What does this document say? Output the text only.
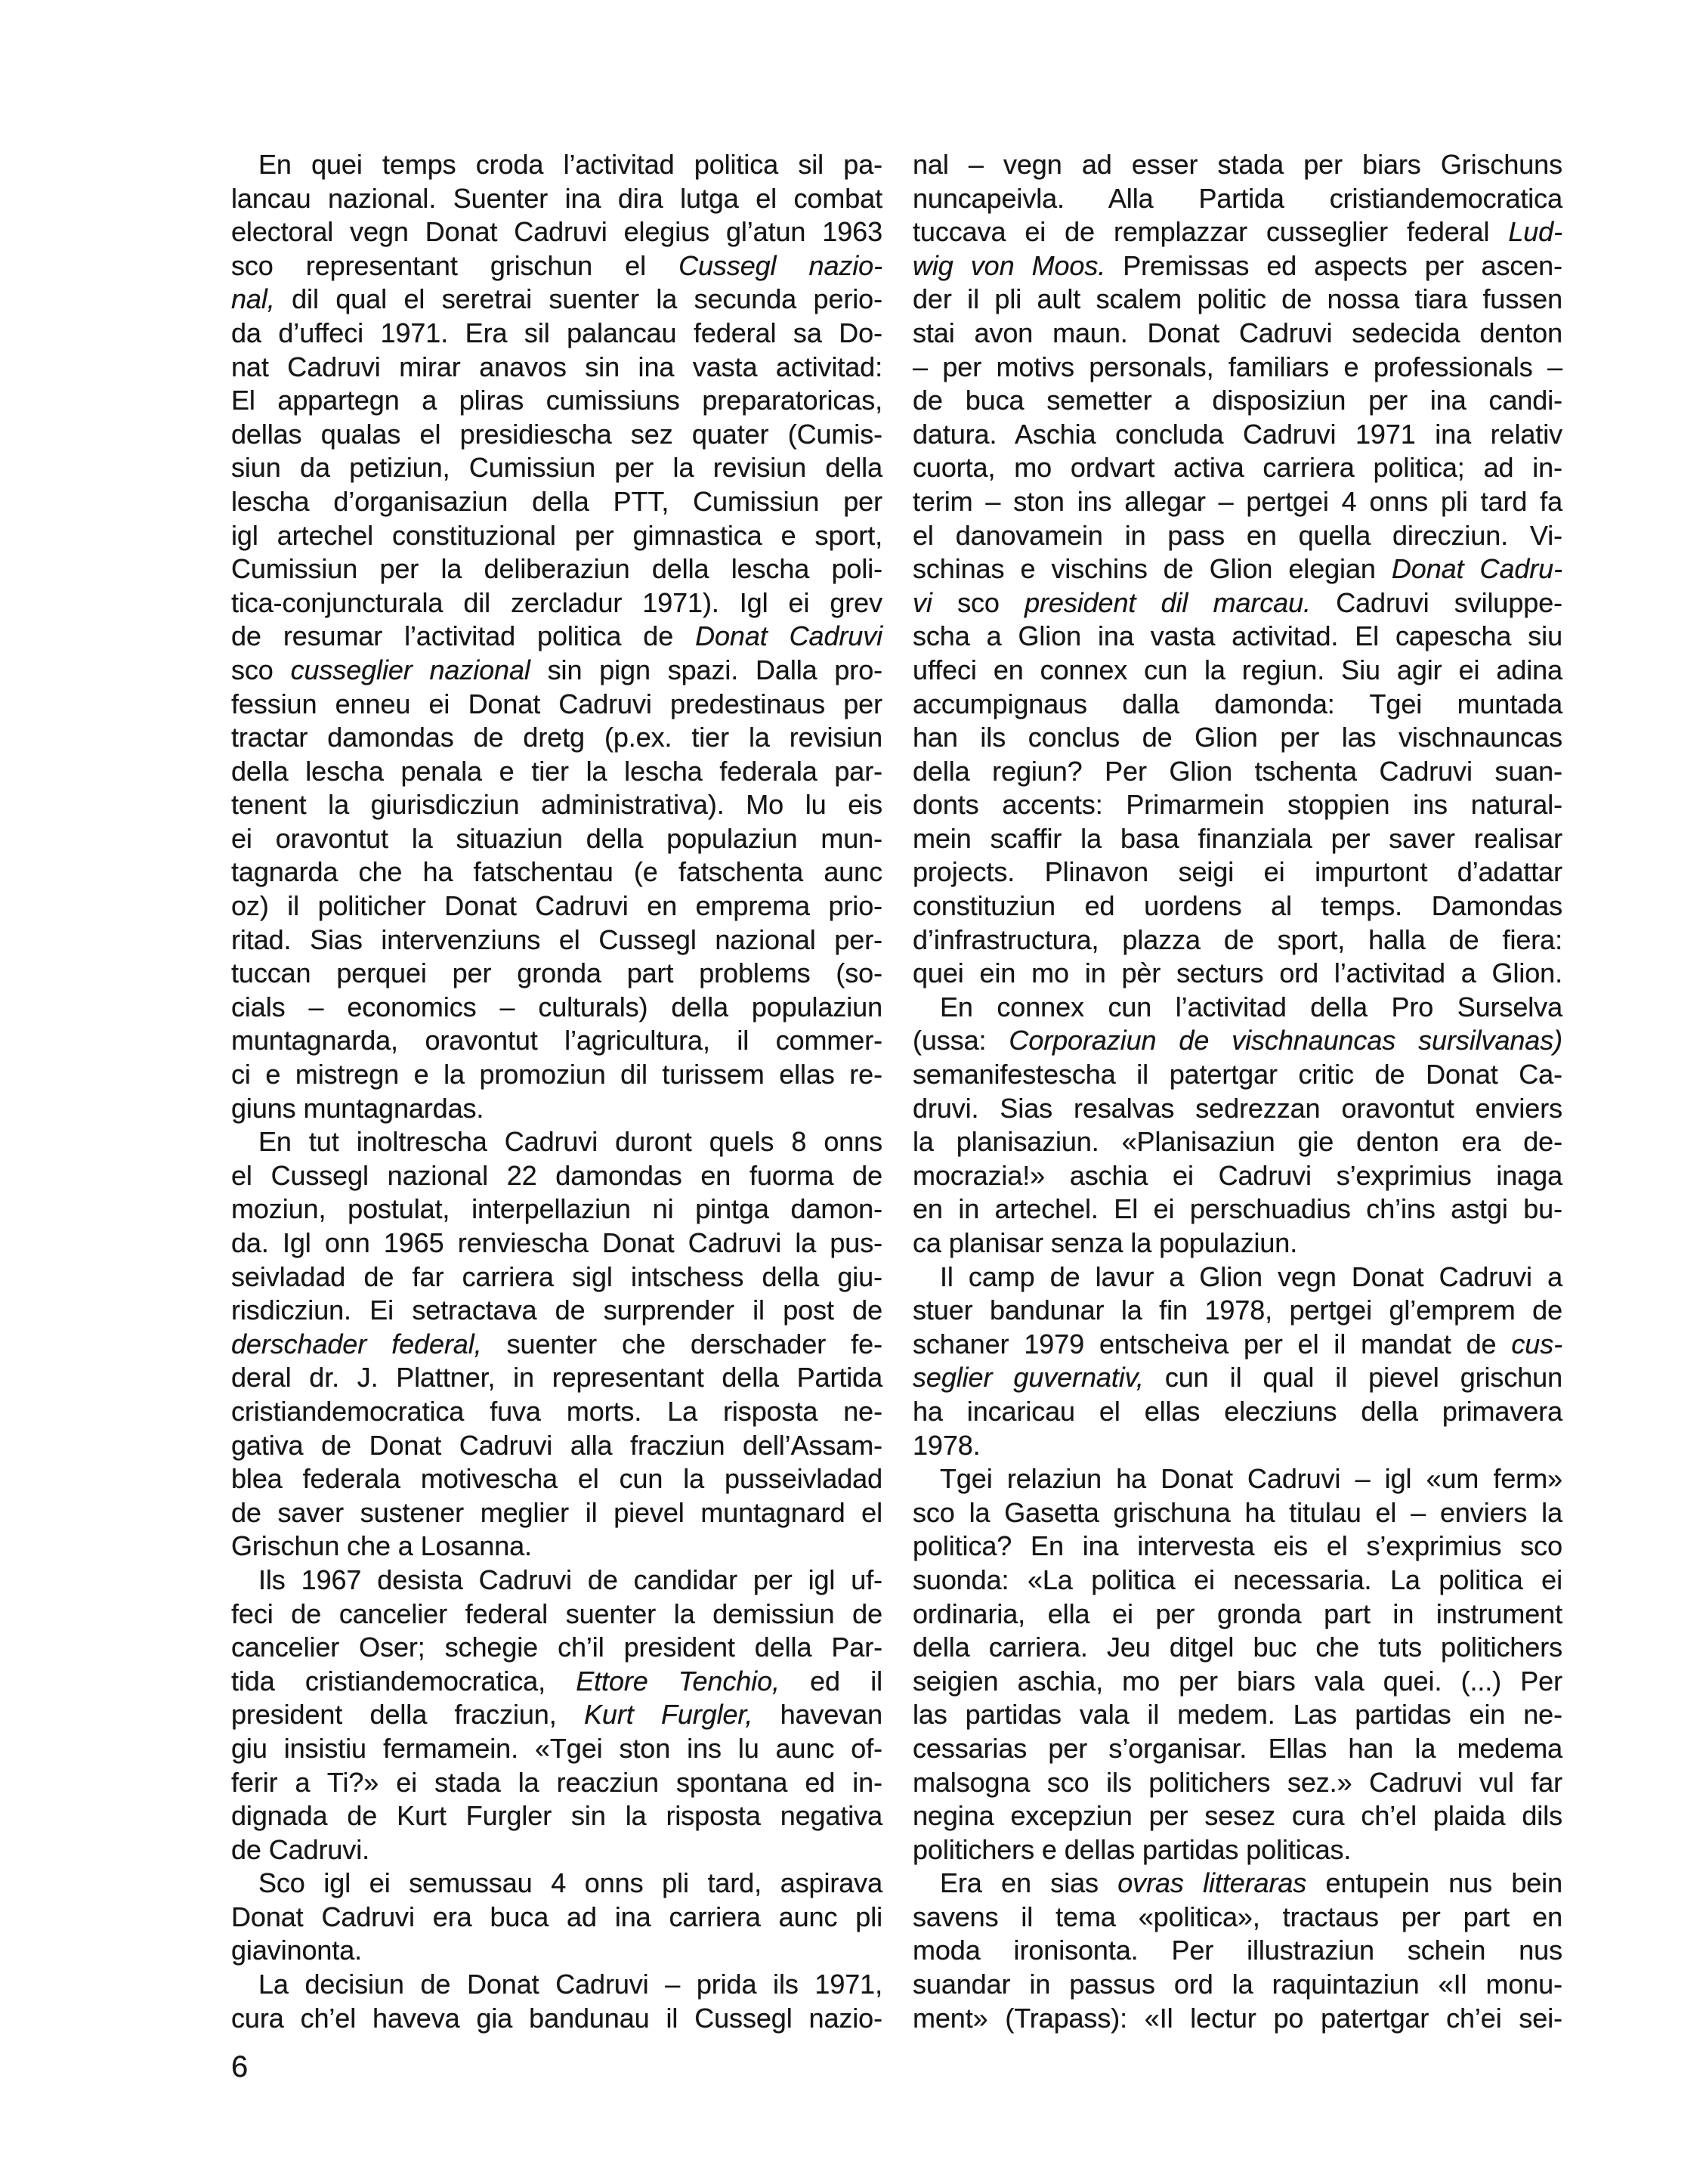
En quei temps croda l’activitad politica sil pa-
lancau nazional. Suenter ina dira lutga el combat
electoral vegn Donat Cadruvi elegius gl’atun 1963
sco representant grischun el Cussegl nazio-
nal, dil qual el seretrai suenter la secunda perio-
da d’uffeci 1971. Era sil palancau federal sa Do-
nat Cadruvi mirar anavos sin ina vasta activitad:
El appartegn a pliras cumissiuns preparatoricas,
dellas qualas el presidiescha sez quater (Cumis-
siun da petiziun, Cumissiun per la revisiun della
lescha d’organisaziun della PTT, Cumissiun per
igl artechel constituzional per gimnastica e sport,
Cumissiun per la deliberaziun della lescha poli-
tica-conjuncturala dil zercladur 1971). Igl ei grev
de resumar l’activitad politica de Donat Cadruvi
sco cusseglier nazional sin pign spazi. Dalla pro-
fessiun enneu ei Donat Cadruvi predestinaus per
tractar damondas de dretg (p.ex. tier la revisiun
della lescha penala e tier la lescha federala par-
tenent la giurisdicziun administrativa). Mo lu eis
ei oravontut la situaziun della populaziun mun-
tagnarda che ha fatschentau (e fatschenta aunc
oz) il politicher Donat Cadruvi en emprema prio-
ritad. Sias intervenziuns el Cussegl nazional per-
tuccan perquei per gronda part problems (so-
cials – economics – culturals) della populaziun
muntagnarda, oravontut l’agricultura, il commer-
ci e mistregn e la promoziun dil turissem ellas re-
giuns muntagnardas.
En tut inoltrescha Cadruvi duront quels 8 onns
el Cussegl nazional 22 damondas en fuorma de
moziun, postulat, interpellaziun ni pintga damon-
da. Igl onn 1965 renviescha Donat Cadruvi la pus-
seivladad de far carriera sigl intschess della giu-
risdicziun. Ei setractava de surprender il post de
derschader federal, suenter che derschader fe-
deral dr. J. Plattner, in representant della Partida
cristiandemocratica fuva morts. La risposta ne-
gativa de Donat Cadruvi alla fracziun dell’Assam-
blea federala motivescha el cun la pusseivladad
de saver sustener meglier il pievel muntagnard el
Grischun che a Losanna.
Ils 1967 desista Cadruvi de candidar per igl uf-
feci de cancelier federal suenter la demissiun de
cancelier Oser; schegie ch’il president della Par-
tida cristiandemocratica, Ettore Tenchio, ed il
president della fracziun, Kurt Furgler, havevan
giu insistiu fermamein. «Tgei ston ins lu aunc of-
ferir a Ti?» ei stada la reacziun spontana ed in-
dignada de Kurt Furgler sin la risposta negativa
de Cadruvi.
Sco igl ei semussau 4 onns pli tard, aspirava
Donat Cadruvi era buca ad ina carriera aunc pli
giavinonta.
La decisiun de Donat Cadruvi – prida ils 1971,
cura ch’el haveva gia bandunau il Cussegl nazio-
nal – vegn ad esser stada per biars Grischuns
nuncapeivla. Alla Partida cristiandemocratica
tuccava ei de remplazzar cusseglier federal Lud-
wig von Moos. Premissas ed aspects per ascen-
der il pli ault scalem politic de nossa tiara fussen
stai avon maun. Donat Cadruvi sedecida denton
– per motivs personals, familiars e professionals –
de buca semetter a disposiziun per ina candi-
datura. Aschia concluda Cadruvi 1971 ina relativ
cuorta, mo ordvart activa carriera politica; ad in-
terim – ston ins allegar – pertgei 4 onns pli tard fa
el danovamein in pass en quella direcziun. Vi-
schinas e vischins de Glion elegian Donat Cadru-
vi sco president dil marcau. Cadruvi sviluppe-
scha a Glion ina vasta activitad. El capescha siu
uffeci en connex cun la regiun. Siu agir ei adina
accumpignaus dalla damonda: Tgei muntada
han ils conclus de Glion per las vischnauncas
della regiun? Per Glion tschenta Cadruvi suan-
donts accents: Primarmein stoppien ins natural-
mein scaffir la basa finanziala per saver realisar
projects. Plinavon seigi ei impurtont d’adattar
constituziun ed uordens al temps. Damondas
d’infrastructura, plazza de sport, halla de fiera:
quei ein mo in pèr secturs ord l’activitad a Glion.
En connex cun l’activitad della Pro Surselva
(ussa: Corporaziun de vischnauncas sursilvanas)
semanifestescha il patertgar critic de Donat Ca-
druvi. Sias resalvas sedrezzan oravontut enviers
la planisaziun. «Planisaziun gie denton era de-
mocrazia!» aschia ei Cadruvi s’exprimius inaga
en in artechel. El ei perschuadius ch’ins astgi bu-
ca planisar senza la populaziun.
Il camp de lavur a Glion vegn Donat Cadruvi a
stuer bandunar la fin 1978, pertgei gl’emprem de
schaner 1979 entscheiva per el il mandat de cus-
seglier guvernativ, cun il qual il pievel grischun
ha incaricau el ellas elecziuns della primavera
1978.
Tgei relaziun ha Donat Cadruvi – igl «um ferm»
sco la Gasetta grischuna ha titulau el – enviers la
politica? En ina intervesta eis el s’exprimius sco
suonda: «La politica ei necessaria. La politica ei
ordinaria, ella ei per gronda part in instrument
della carriera. Jeu ditgel buc che tuts politichers
seigien aschia, mo per biars vala quei. (...) Per
las partidas vala il medem. Las partidas ein ne-
cessarias per s’organisar. Ellas han la medema
malsogna sco ils politichers sez.» Cadruvi vul far
negina excepziun per sesez cura ch’el plaida dils
politichers e dellas partidas politicas.
Era en sias ovras litteraras entupein nus bein
savens il tema «politica», tractaus per part en
moda ironisonta. Per illustraziun schein nus
suandar in passus ord la raquintaziun «Il monu-
ment» (Trapass): «Il lectur po patertgar ch’ei sei-
6
